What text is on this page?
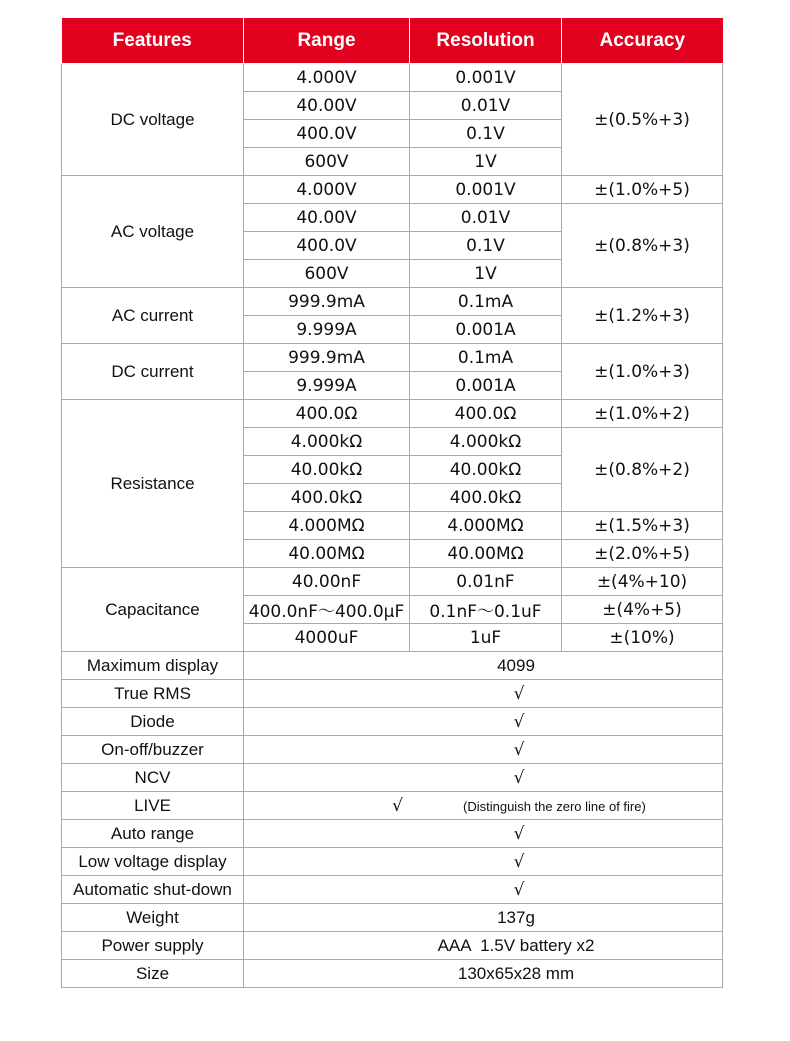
Features	Range	Resolution	Accuracy
DC voltage	4.000V	0.001V	±(0.5%+3)
	40.00V	0.01V	
	400.0V	0.1V	
	600V	1V	
AC voltage	4.000V	0.001V	±(1.0%+5)
	40.00V	0.01V	±(0.8%+3)
	400.0V	0.1V	
	600V	1V	
AC current	999.9mA	0.1mA	±(1.2%+3)
	9.999A	0.001A	
DC current	999.9mA	0.1mA	±(1.0%+3)
	9.999A	0.001A	
Resistance	400.0Ω	400.0Ω	±(1.0%+2)
	4.000kΩ	4.000kΩ	±(0.8%+2)
	40.00kΩ	40.00kΩ	
	400.0kΩ	400.0kΩ	
	4.000MΩ	4.000MΩ	±(1.5%+3)
	40.00MΩ	40.00MΩ	±(2.0%+5)
Capacitance	40.00nF	0.01nF	±(4%+10)
	400.0nF～400.0μF	0.1nF～0.1uF	±(4%+5)
	4000uF	1uF	±(10%)
Maximum display	4099		
True RMS	√		
Diode	√		
On-off/buzzer	√		
NCV	√		
LIVE	√ (Distinguish the zero line of fire)		
Auto range	√		
Low voltage display	√		
Automatic shut-down	√		
Weight	137g		
Power supply	AAA  1.5V battery x2		
Size	130x65x28 mm		
